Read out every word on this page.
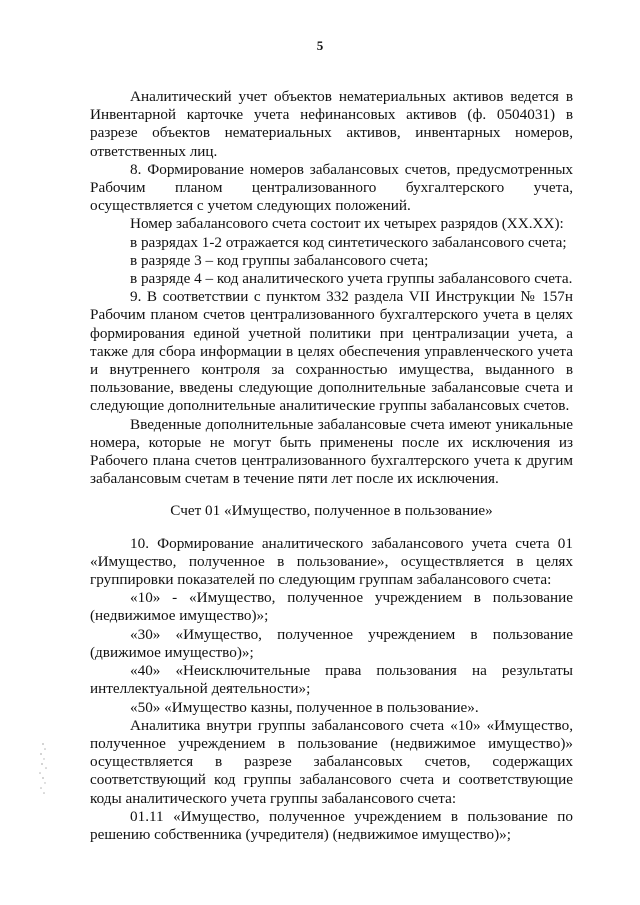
5

Аналитический учет объектов нематериальных активов ведется в Инвентарной карточке учета нефинансовых активов (ф. 0504031) в разрезе объектов нематериальных активов, инвентарных номеров, ответственных лиц.

8. Формирование номеров забалансовых счетов, предусмотренных Рабочим планом централизованного бухгалтерского учета, осуществляется с учетом следующих положений.

Номер забалансового счета состоит их четырех разрядов (ХХ.ХХ):

в разрядах 1-2 отражается код синтетического забалансового счета;

в разряде 3 – код группы забалансового счета;

в разряде 4 – код аналитического учета группы забалансового счета.

9. В соответствии с пунктом 332 раздела VII Инструкции № 157н Рабочим планом счетов централизованного бухгалтерского учета в целях формирования единой учетной политики при централизации учета, а также для сбора информации в целях обеспечения управленческого учета и внутреннего контроля за сохранностью имущества, выданного в пользование, введены следующие дополнительные забалансовые счета и следующие дополнительные аналитические группы забалансовых счетов.

Введенные дополнительные забалансовые счета имеют уникальные номера, которые не могут быть применены после их исключения из Рабочего плана счетов централизованного бухгалтерского учета к другим забалансовым счетам в течение пяти лет после их исключения.

Счет 01 «Имущество, полученное в пользование»

10. Формирование аналитического забалансового учета счета 01 «Имущество, полученное в пользование», осуществляется в целях группировки показателей по следующим группам забалансового счета:

«10» - «Имущество, полученное учреждением в пользование (недвижимое имущество)»;

«30» «Имущество, полученное учреждением в пользование (движимое имущество)»;

«40» «Неисключительные права пользования на результаты интеллектуальной деятельности»;

«50» «Имущество казны, полученное в пользование».

Аналитика внутри группы забалансового счета «10» «Имущество, полученное учреждением в пользование (недвижимое имущество)» осуществляется в разрезе забалансовых счетов, содержащих соответствующий код группы забалансового счета и соответствующие коды аналитического учета группы забалансового счета:

01.11 «Имущество, полученное учреждением в пользование по решению собственника (учредителя) (недвижимое имущество)»;
